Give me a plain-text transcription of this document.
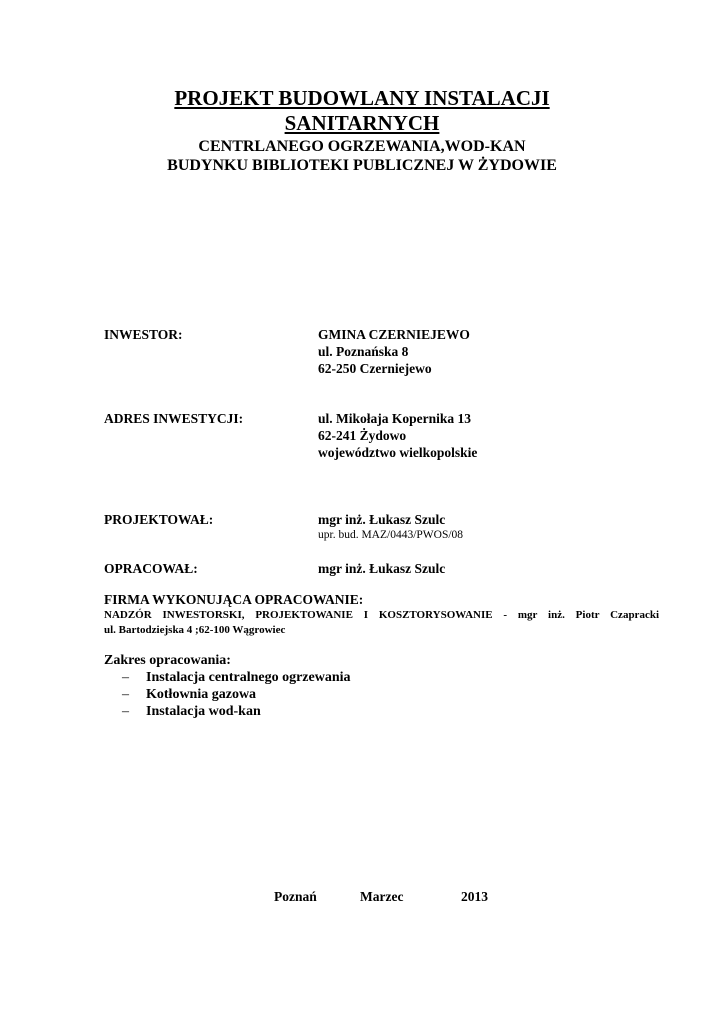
PROJEKT BUDOWLANY INSTALACJI
SANITARNYCH
CENTRLANEGO OGRZEWANIA,WOD-KAN
BUDYNKU BIBLIOTEKI PUBLICZNEJ W ŻYDOWIE
INWESTOR:	GMINA CZERNIEJEWO
ul. Poznańska 8
62-250 Czerniejewo
ADRES INWESTYCJI:	ul. Mikołaja Kopernika 13
62-241 Żydowo
województwo wielkopolskie
PROJEKTOWAŁ:	mgr inż. Łukasz Szulc
upr. bud. MAZ/0443/PWOS/08
OPRACOWAŁ:	mgr inż. Łukasz Szulc
FIRMA WYKONUJĄCA OPRACOWANIE:
NADZÓR INWESTORSKI, PROJEKTOWANIE I KOSZTORYSOWANIE - mgr inż. Piotr Czapracki
ul. Bartodziejska 4 ;62-100 Wągrowiec
Zakres opracowania:
– Instalacja centralnego ogrzewania
– Kotłownia gazowa
– Instalacja wod-kan
Poznań	Marzec	2013
